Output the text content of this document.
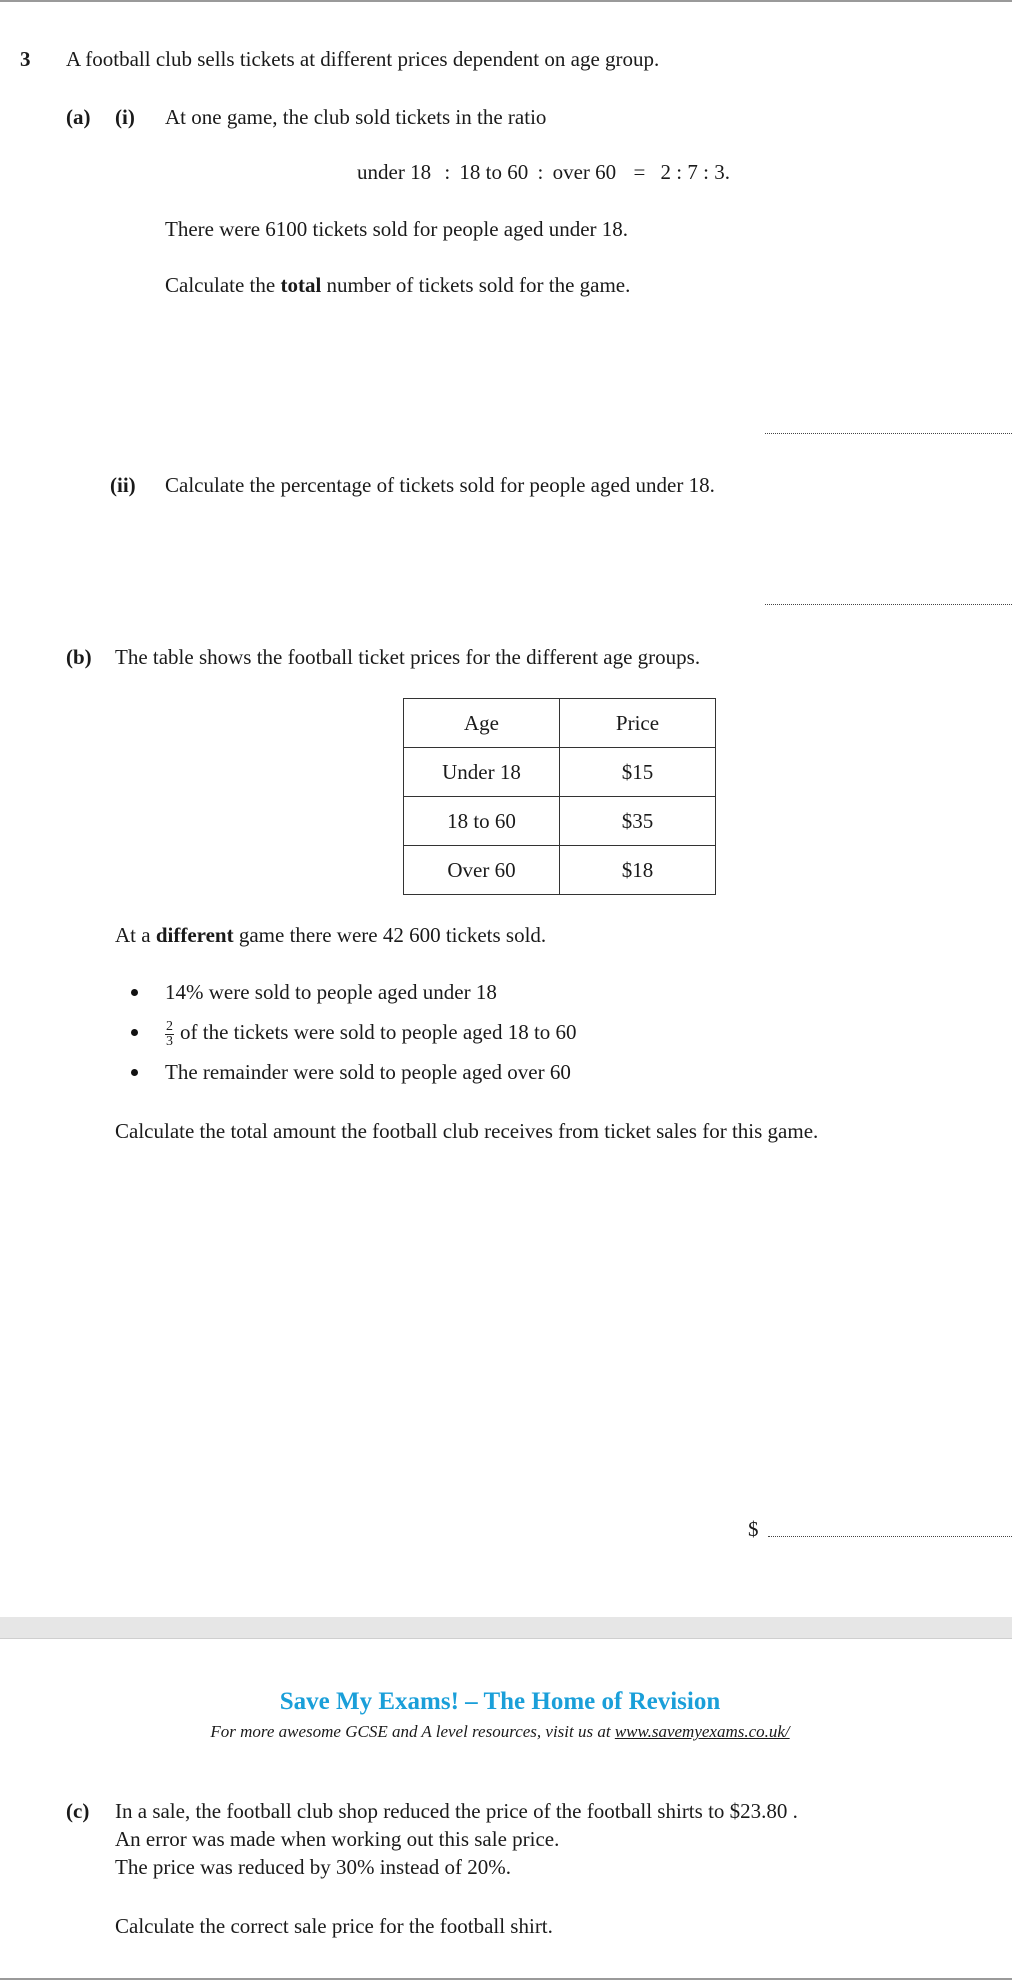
3 A football club sells tickets at different prices dependent on age group.
(a) (i) At one game, the club sold tickets in the ratio
under 18 : 18 to 60 : over 60 = 2 : 7 : 3.
There were 6100 tickets sold for people aged under 18.
Calculate the total number of tickets sold for the game.
(ii) Calculate the percentage of tickets sold for people aged under 18.
(b) The table shows the football ticket prices for the different age groups.
Age	Price
Under 18	$15
18 to 60	$35
Over 60	$18
At a different game there were 42 600 tickets sold.
14% were sold to people aged under 18
$\frac{2}{3}$ of the tickets were sold to people aged 18 to 60
The remainder were sold to people aged over 60
Calculate the total amount the football club receives from ticket sales for this game.
$
Save My Exams! – The Home of Revision
For more awesome GCSE and A level resources, visit us at www.savemyexams.co.uk/
(c) In a sale, the football club shop reduced the price of the football shirts to $23.80 .
An error was made when working out this sale price.
The price was reduced by 30% instead of 20%.
Calculate the correct sale price for the football shirt.
